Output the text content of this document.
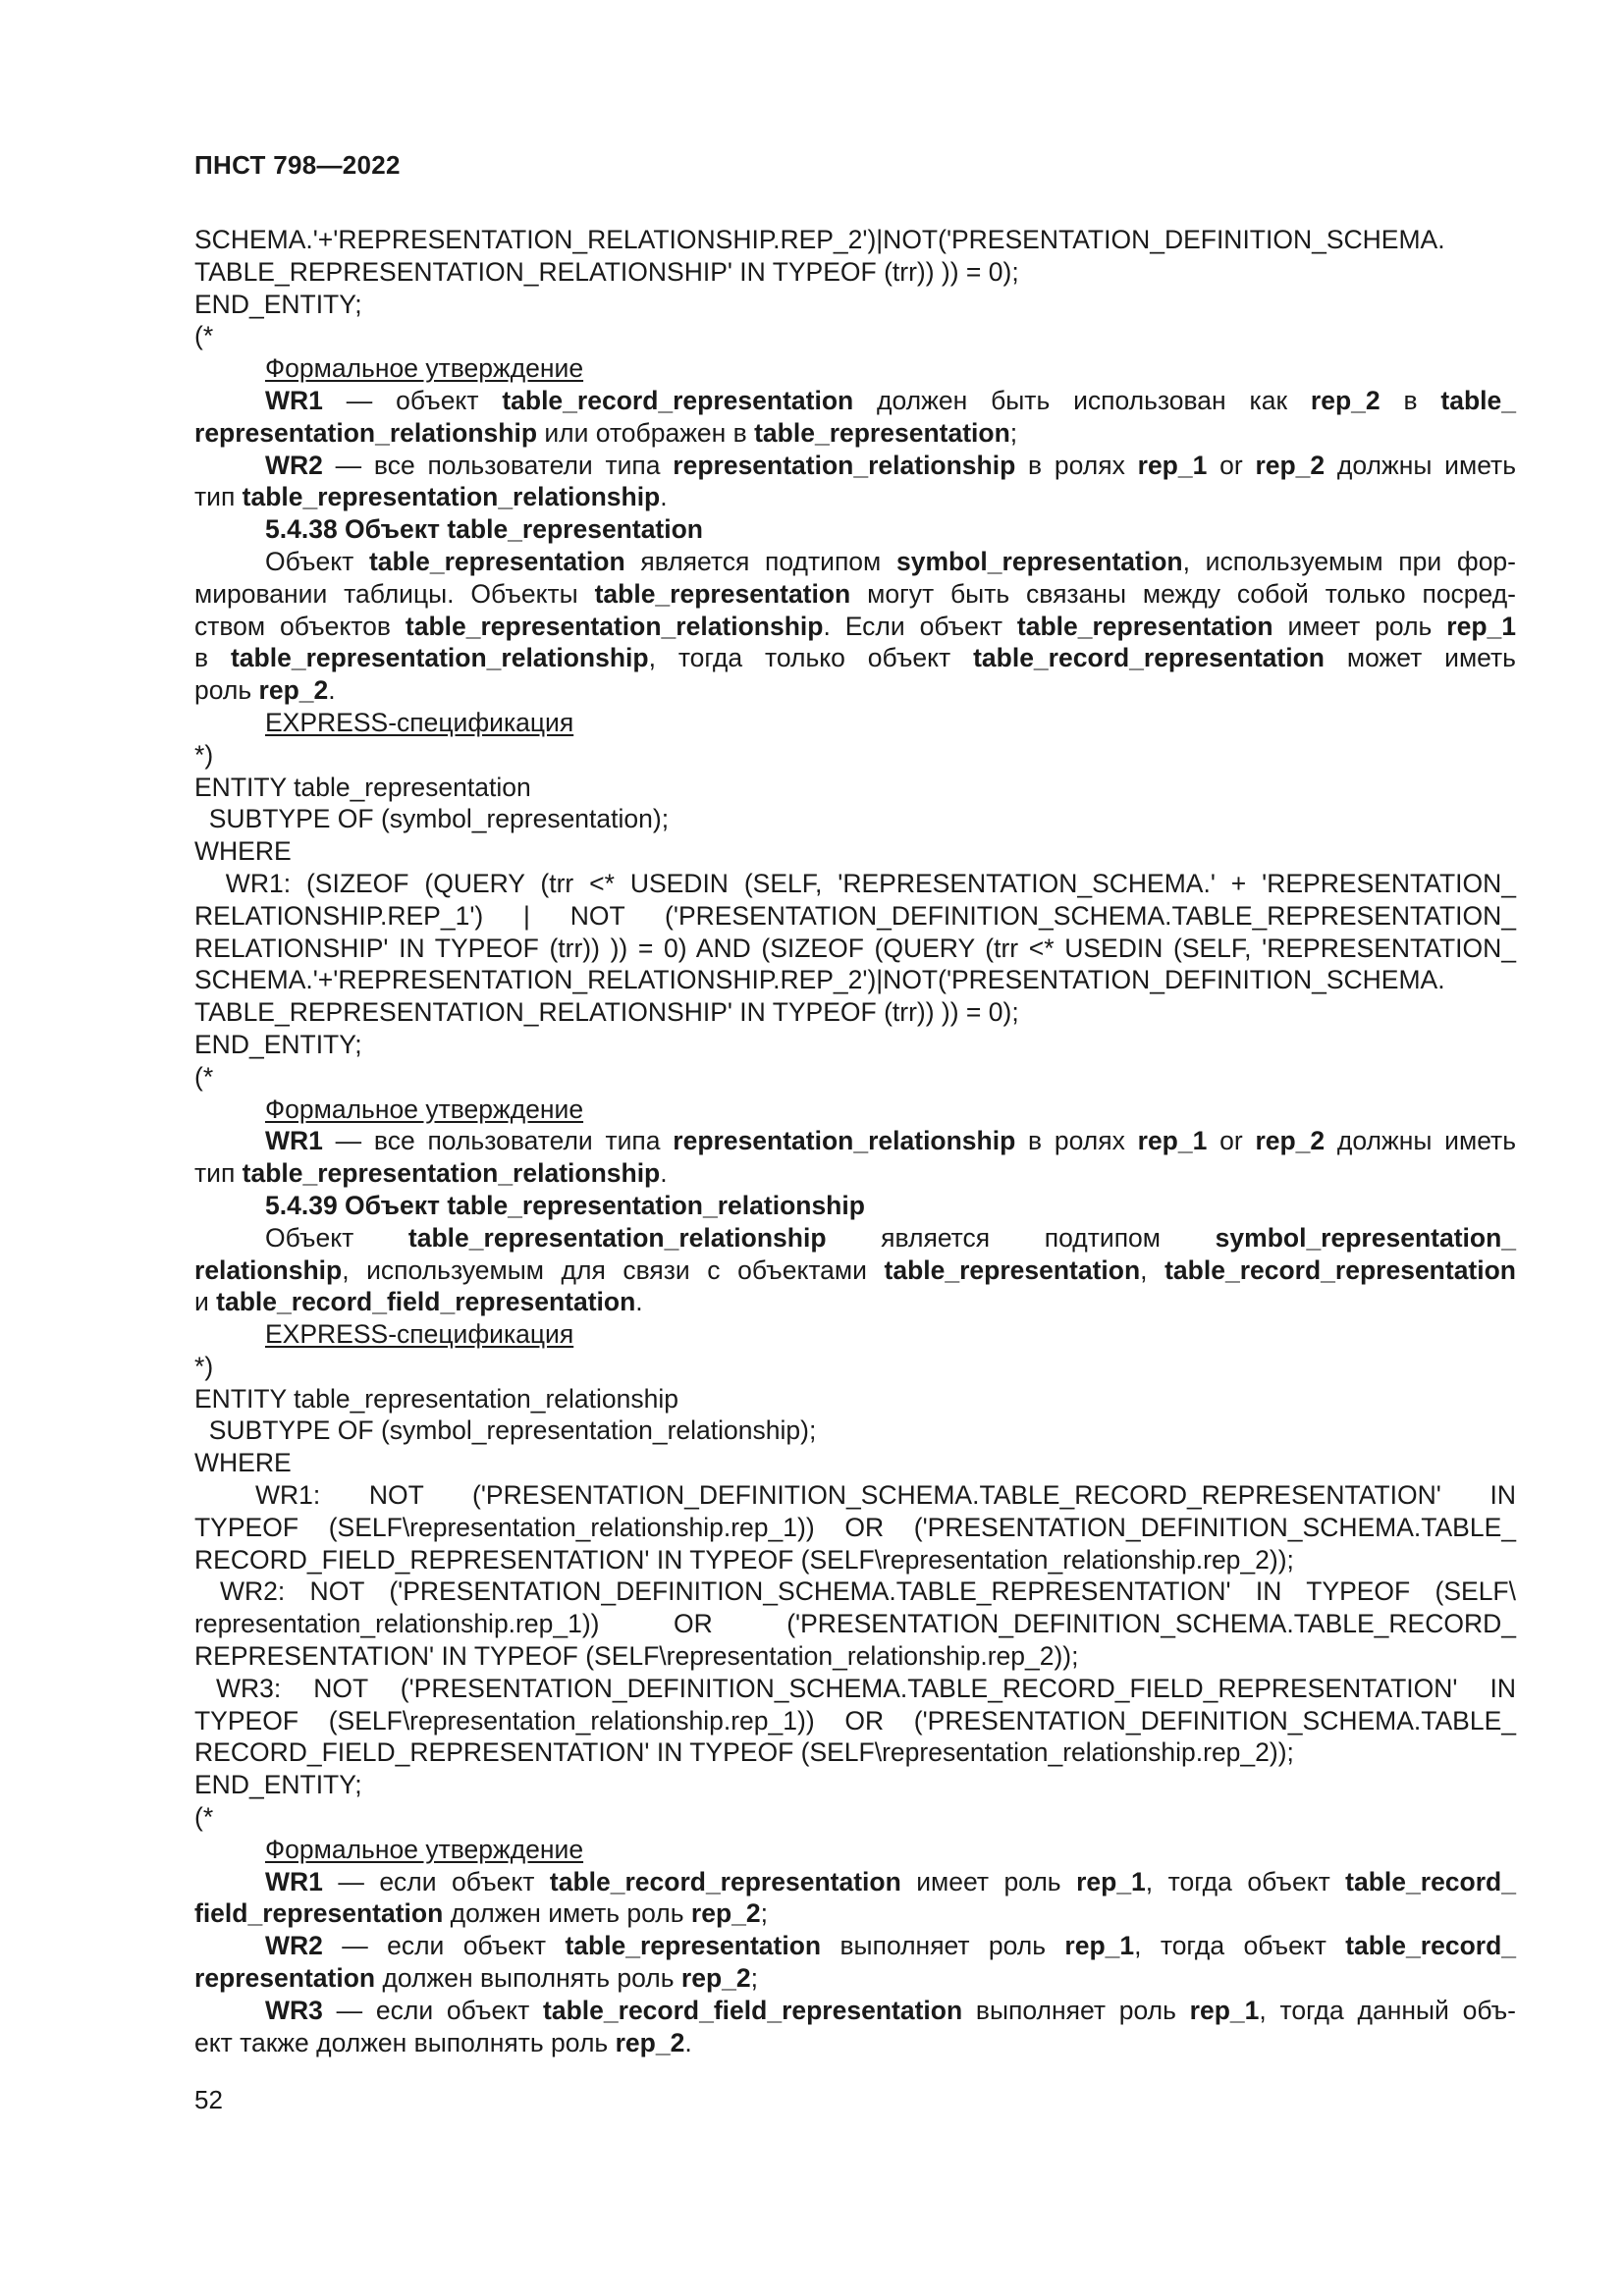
ПНСТ 798—2022
SCHEMA.'+'REPRESENTATION_RELATIONSHIP.REP_2')|NOT('PRESENTATION_DEFINITION_SCHEMA.
TABLE_REPRESENTATION_RELATIONSHIP' IN TYPEOF (trr)) )) = 0);
END_ENTITY;
(*
Формальное утверждение
WR1 — объект table_record_representation должен быть использован как rep_2 в table_
representation_relationship или отображен в table_representation;
WR2 — все пользователи типа representation_relationship в ролях rep_1 or rep_2 должны иметь
тип table_representation_relationship.
5.4.38 Объект table_representation
Объект table_representation является подтипом symbol_representation, используемым при фор-
мировании таблицы. Объекты table_representation могут быть связаны между собой только посред-
ством объектов table_representation_relationship. Если объект table_representation имеет роль rep_1
в table_representation_relationship, тогда только объект table_record_representation может иметь
роль rep_2.
EXPRESS-спецификация
*)
ENTITY table_representation
SUBTYPE OF (symbol_representation);
WHERE
WR1: (SIZEOF (QUERY (trr <* USEDIN (SELF, 'REPRESENTATION_SCHEMA.' + 'REPRESENTATION_
RELATIONSHIP.REP_1') | NOT ('PRESENTATION_DEFINITION_SCHEMA.TABLE_REPRESENTATION_
RELATIONSHIP' IN TYPEOF (trr)) )) = 0) AND (SIZEOF (QUERY (trr <* USEDIN (SELF, 'REPRESENTATION_
SCHEMA.'+'REPRESENTATION_RELATIONSHIP.REP_2')|NOT('PRESENTATION_DEFINITION_SCHEMA.
TABLE_REPRESENTATION_RELATIONSHIP' IN TYPEOF (trr)) )) = 0);
END_ENTITY;
(*
Формальное утверждение
WR1 — все пользователи типа representation_relationship в ролях rep_1 or rep_2 должны иметь
тип table_representation_relationship.
5.4.39 Объект table_representation_relationship
Объект table_representation_relationship является подтипом symbol_representation_
relationship, используемым для связи с объектами table_representation, table_record_representation
и table_record_field_representation.
EXPRESS-спецификация
*)
ENTITY table_representation_relationship
SUBTYPE OF (symbol_representation_relationship);
WHERE
WR1: NOT ('PRESENTATION_DEFINITION_SCHEMA.TABLE_RECORD_REPRESENTATION' IN
TYPEOF (SELF\representation_relationship.rep_1)) OR ('PRESENTATION_DEFINITION_SCHEMA.TABLE_
RECORD_FIELD_REPRESENTATION' IN TYPEOF (SELF\representation_relationship.rep_2));
WR2: NOT ('PRESENTATION_DEFINITION_SCHEMA.TABLE_REPRESENTATION' IN TYPEOF (SELF\
representation_relationship.rep_1)) OR ('PRESENTATION_DEFINITION_SCHEMA.TABLE_RECORD_
REPRESENTATION' IN TYPEOF (SELF\representation_relationship.rep_2));
WR3: NOT ('PRESENTATION_DEFINITION_SCHEMA.TABLE_RECORD_FIELD_REPRESENTATION' IN
TYPEOF (SELF\representation_relationship.rep_1)) OR ('PRESENTATION_DEFINITION_SCHEMA.TABLE_
RECORD_FIELD_REPRESENTATION' IN TYPEOF (SELF\representation_relationship.rep_2));
END_ENTITY;
(*
Формальное утверждение
WR1 — если объект table_record_representation имеет роль rep_1, тогда объект table_record_
field_representation должен иметь роль rep_2;
WR2 — если объект table_representation выполняет роль rep_1, тогда объект table_record_
representation должен выполнять роль rep_2;
WR3 — если объект table_record_field_representation выполняет роль rep_1, тогда данный объ-
ект также должен выполнять роль rep_2.
52
